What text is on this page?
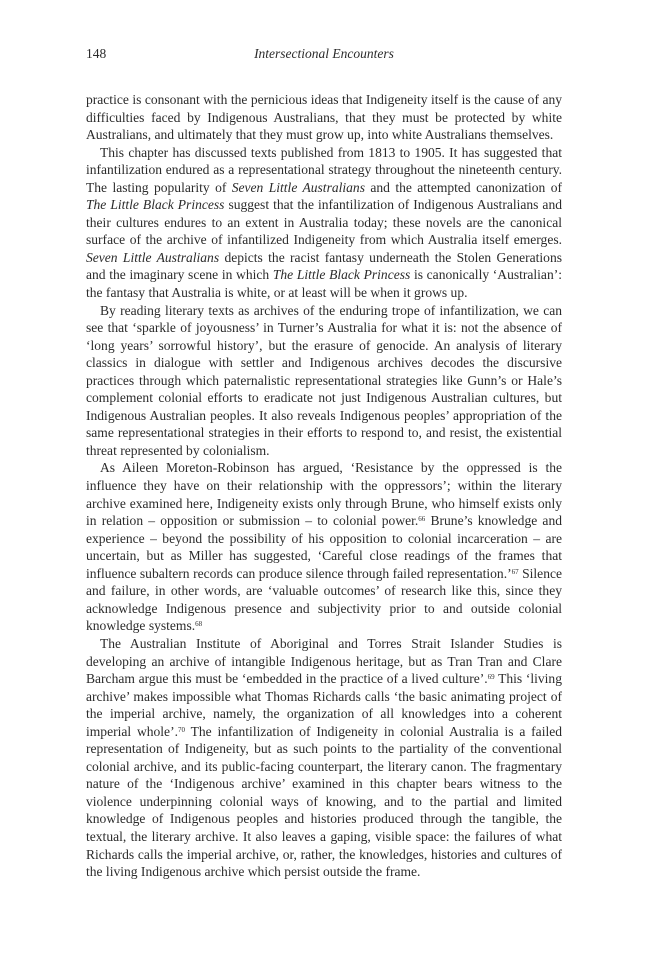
148	Intersectional Encounters

practice is consonant with the pernicious ideas that Indigeneity itself is the cause of any difficulties faced by Indigenous Australians, that they must be protected by white Australians, and ultimately that they must grow up, into white Australians themselves.

This chapter has discussed texts published from 1813 to 1905. It has suggested that infantilization endured as a representational strategy throughout the nineteenth century. The lasting popularity of Seven Little Australians and the attempted canonization of The Little Black Princess suggest that the infantilization of Indigenous Australians and their cultures endures to an extent in Australia today; these novels are the canonical surface of the archive of infantilized Indigeneity from which Australia itself emerges. Seven Little Australians depicts the racist fantasy underneath the Stolen Generations and the imaginary scene in which The Little Black Princess is canonically ‘Australian’: the fantasy that Australia is white, or at least will be when it grows up.

By reading literary texts as archives of the enduring trope of infantilization, we can see that ‘sparkle of joyousness’ in Turner’s Australia for what it is: not the absence of ‘long years’ sorrowful history’, but the erasure of genocide. An analysis of literary classics in dialogue with settler and Indigenous archives decodes the discursive practices through which paternalistic representational strategies like Gunn’s or Hale’s complement colonial efforts to eradicate not just Indigenous Australian cultures, but Indigenous Australian peoples. It also reveals Indigenous peoples’ appropriation of the same representational strategies in their efforts to respond to, and resist, the existential threat represented by colonialism.

As Aileen Moreton-Robinson has argued, ‘Resistance by the oppressed is the influence they have on their relationship with the oppressors’; within the literary archive examined here, Indigeneity exists only through Brune, who himself exists only in relation – opposition or submission – to colonial power.$^{66}$ Brune’s knowledge and experience – beyond the possibility of his opposition to colonial incarceration – are uncertain, but as Miller has suggested, ‘Careful close readings of the frames that influence subaltern records can produce silence through failed representation.’$^{67}$ Silence and failure, in other words, are ‘valuable outcomes’ of research like this, since they acknowledge Indigenous presence and subjectivity prior to and outside colonial knowledge systems.$^{68}$

The Australian Institute of Aboriginal and Torres Strait Islander Studies is developing an archive of intangible Indigenous heritage, but as Tran Tran and Clare Barcham argue this must be ‘embedded in the practice of a lived culture’.$^{69}$ This ‘living archive’ makes impossible what Thomas Richards calls ‘the basic animating project of the imperial archive, namely, the organization of all knowledges into a coherent imperial whole’.$^{70}$ The infantilization of Indigeneity in colonial Australia is a failed representation of Indigeneity, but as such points to the partiality of the conventional colonial archive, and its public-facing counterpart, the literary canon. The fragmentary nature of the ‘Indigenous archive’ examined in this chapter bears witness to the violence underpinning colonial ways of knowing, and to the partial and limited knowledge of Indigenous peoples and histories produced through the tangible, the textual, the literary archive. It also leaves a gaping, visible space: the failures of what Richards calls the imperial archive, or, rather, the knowledges, histories and cultures of the living Indigenous archive which persist outside the frame.
